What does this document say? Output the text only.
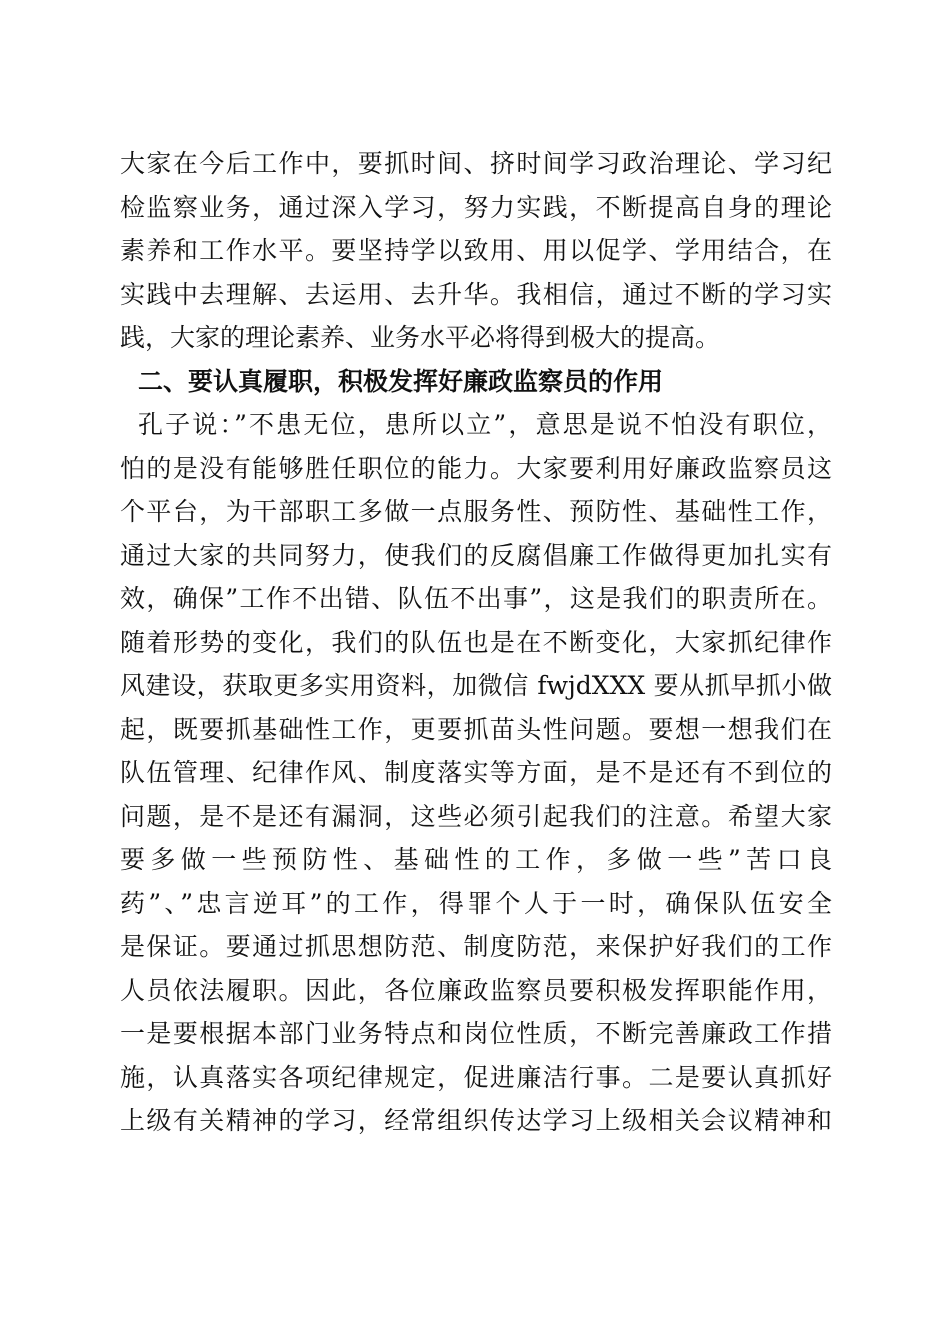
大家在今后工作中，要抓时间、挤时间学习政治理论、学习纪
检监察业务，通过深入学习，努力实践，不断提高自身的理论
素养和工作水平。要坚持学以致用、用以促学、学用结合，在
实践中去理解、去运用、去升华。我相信，通过不断的学习实
践，大家的理论素养、业务水平必将得到极大的提高。
二、要认真履职，积极发挥好廉政监察员的作用
孔子说：”不患无位，患所以立”，意思是说不怕没有职位，
怕的是没有能够胜任职位的能力。大家要利用好廉政监察员这
个平台，为干部职工多做一点服务性、预防性、基础性工作，
通过大家的共同努力，使我们的反腐倡廉工作做得更加扎实有
效，确保”工作不出错、队伍不出事”，这是我们的职责所在。
随着形势的变化，我们的队伍也是在不断变化，大家抓纪律作
风建设，获取更多实用资料，加微信 fwjdXXX 要从抓早抓小做
起，既要抓基础性工作，更要抓苗头性问题。要想一想我们在
队伍管理、纪律作风、制度落实等方面，是不是还有不到位的
问题，是不是还有漏洞，这些必须引起我们的注意。希望大家
要多做一些预防性、基础性的工作，多做一些”苦口良
药”、”忠言逆耳”的工作，得罪个人于一时，确保队伍安全
是保证。要通过抓思想防范、制度防范，来保护好我们的工作
人员依法履职。因此，各位廉政监察员要积极发挥职能作用，
一是要根据本部门业务特点和岗位性质，不断完善廉政工作措
施，认真落实各项纪律规定，促进廉洁行事。二是要认真抓好
上级有关精神的学习，经常组织传达学习上级相关会议精神和
